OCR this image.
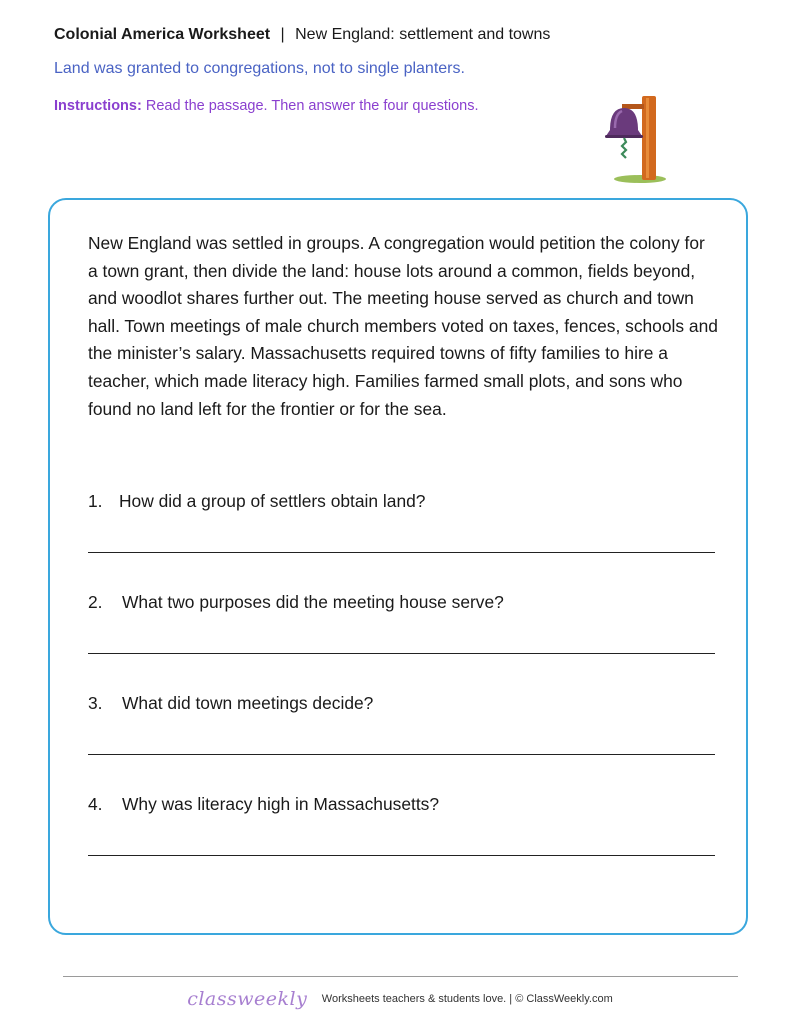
Colonial America Worksheet | New England: settlement and towns
Land was granted to congregations, not to single planters.
Instructions: Read the passage. Then answer the four questions.

New England was settled in groups. A congregation would petition the colony for a town grant, then divide the land: house lots around a common, fields beyond, and woodlot shares further out. The meeting house served as church and town hall. Town meetings of male church members voted on taxes, fences, schools and the minister’s salary. Massachusetts required towns of fifty families to hire a teacher, which made literacy high. Families farmed small plots, and sons who found no land left for the frontier or for the sea.

1. How did a group of settlers obtain land?
2. What two purposes did the meeting house serve?
3. What did town meetings decide?
4. Why was literacy high in Massachusetts?
classweekly Worksheets teachers & students love. | © ClassWeekly.com
